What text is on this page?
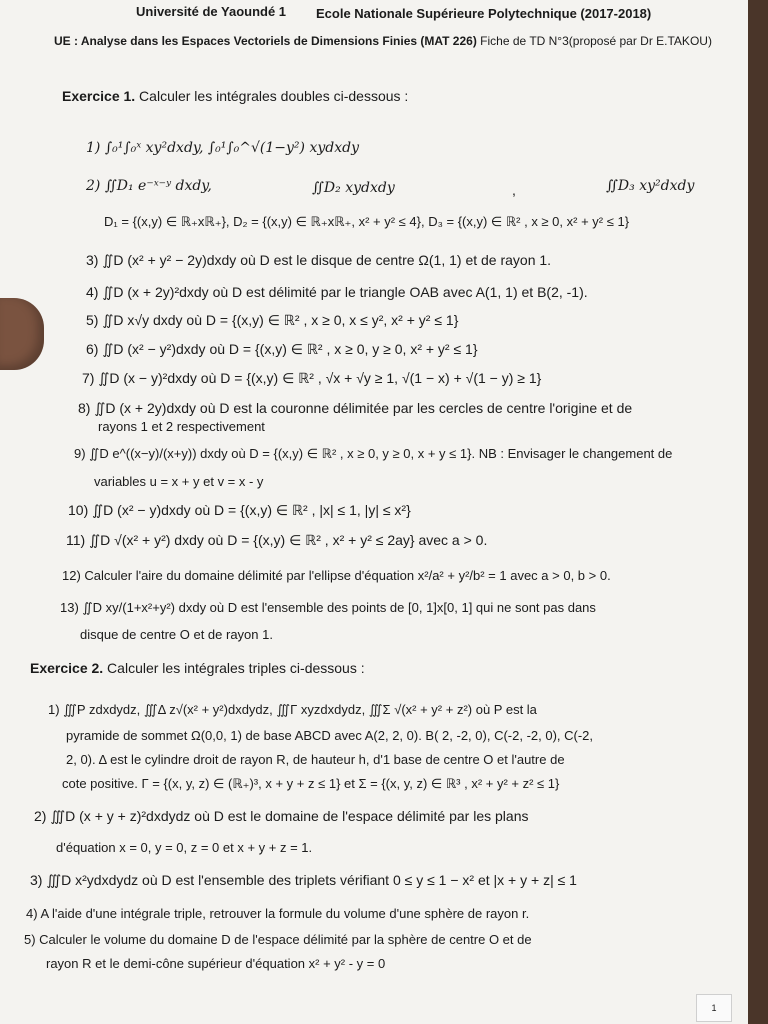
Université de Yaoundé 1 Ecole Nationale Supérieure Polytechnique (2017-2018)
UE : Analyse dans les Espaces Vectoriels de Dimensions Finies (MAT 226) Fiche de TD N°3(proposé par Dr E.TAKOU)
Exercice 1. Calculer les intégrales doubles ci-dessous :
1) ∫₀¹∫₀ˣ xy²dxdy, ∫₀¹∫₀^√(1−y²) xydxdy
2) ∬D₁ e⁻ˣ⁻ʸ dxdy,	∬D₂ xydxdy	,	∬D₃ xy²dxdy
D₁ = {(x,y) ∈ ℝ₊xℝ₊}, D₂ = {(x,y) ∈ ℝ₊xℝ₊, x² + y² ≤ 4}, D₃ = {(x,y) ∈ ℝ² , x ≥ 0, x² + y² ≤ 1}
3) ∬D (x² + y² − 2y)dxdy où D est le disque de centre Ω(1, 1) et de rayon 1.
4) ∬D (x + 2y)²dxdy où D est délimité par le triangle OAB avec A(1, 1) et B(2, -1).
5) ∬D x√y dxdy où D = {(x,y) ∈ ℝ² , x ≥ 0, x ≤ y², x² + y² ≤ 1}
6) ∬D (x² − y²)dxdy où D = {(x,y) ∈ ℝ² , x ≥ 0, y ≥ 0, x² + y² ≤ 1}
7) ∬D (x − y)²dxdy où D = {(x,y) ∈ ℝ² , √x + √y ≥ 1, √(1 − x) + √(1 − y) ≥ 1}
8) ∬D (x + 2y)dxdy où D est la couronne délimitée par les cercles de centre l'origine et de
rayons 1 et 2 respectivement
9) ∬D e^((x−y)/(x+y)) dxdy où D = {(x,y) ∈ ℝ² , x ≥ 0, y ≥ 0, x + y ≤ 1}. NB : Envisager le changement de
variables u = x + y et v = x - y
10) ∬D (x² − y)dxdy où D = {(x,y) ∈ ℝ² , |x| ≤ 1, |y| ≤ x²}
11) ∬D √(x² + y²) dxdy où D = {(x,y) ∈ ℝ² , x² + y² ≤ 2ay} avec a > 0.
12) Calculer l'aire du domaine délimité par l'ellipse d'équation x²/a² + y²/b² = 1 avec a > 0, b > 0.
13) ∬D xy/(1+x²+y²) dxdy où D est l'ensemble des points de [0, 1]x[0, 1] qui ne sont pas dans
disque de centre O et de rayon 1.
Exercice 2. Calculer les intégrales triples ci-dessous :
1) ∭P zdxdydz, ∭Δ z√(x² + y²)dxdydz, ∭Γ xyzdxdydz, ∭Σ √(x² + y² + z²) où P est la
pyramide de sommet Ω(0,0, 1) de base ABCD avec A(2, 2, 0). B( 2, -2, 0), C(-2, -2, 0), C(-2,
2, 0). Δ est le cylindre droit de rayon R, de hauteur h, d'1 base de centre O et l'autre de
cote positive. Γ = {(x, y, z) ∈ (ℝ₊)³, x + y + z ≤ 1} et Σ = {(x, y, z) ∈ ℝ³ , x² + y² + z² ≤ 1}
2) ∭D (x + y + z)²dxdydz où D est le domaine de l'espace délimité par les plans
d'équation x = 0, y = 0, z = 0 et x + y + z = 1.
3) ∭D x²ydxdydz où D est l'ensemble des triplets vérifiant 0 ≤ y ≤ 1 − x² et |x + y + z| ≤ 1
4) A l'aide d'une intégrale triple, retrouver la formule du volume d'une sphère de rayon r.
5) Calculer le volume du domaine D de l'espace délimité par la sphère de centre O et de
rayon R et le demi-cône supérieur d'équation x² + y² - y = 0
1
